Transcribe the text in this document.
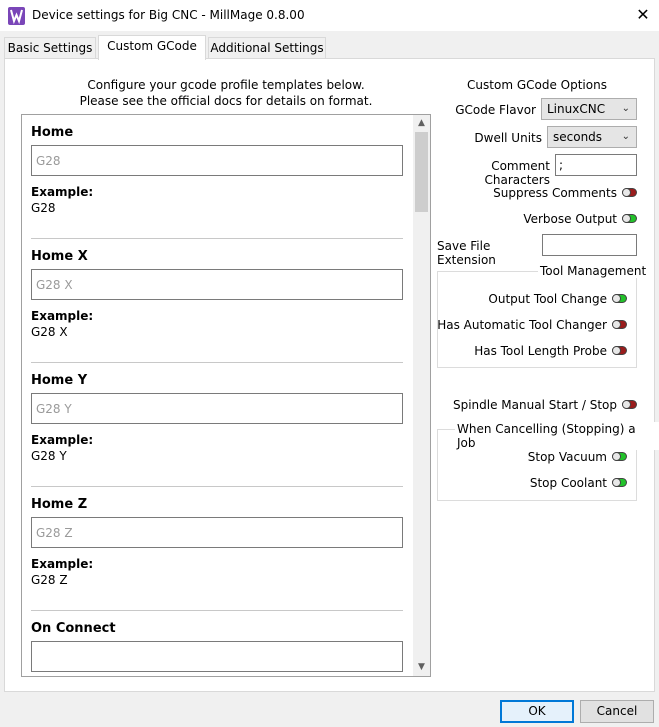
Device settings for Big CNC - MillMage 0.8.00	✕
Basic Settings	Custom GCode	Additional Settings
Configure your gcode profile templates below.
Please see the official docs for details on format.
Home
G28
Example:
G28
Home X
G28 X
Example:
G28 X
Home Y
G28 Y
Example:
G28 Y
Home Z
G28 Z
Example:
G28 Z
On Connect
▲
▼
Custom GCode Options
GCode Flavor LinuxCNC ⌄
Dwell Units seconds ⌄
Comment Characters
;
Suppress Comments
Verbose Output
Save File Extension
Tool Management
Output Tool Change
Has Automatic Tool Changer
Has Tool Length Probe
Spindle Manual Start / Stop
When Cancelling (Stopping) a Job
Stop Vacuum
Stop Coolant
OK	Cancel
